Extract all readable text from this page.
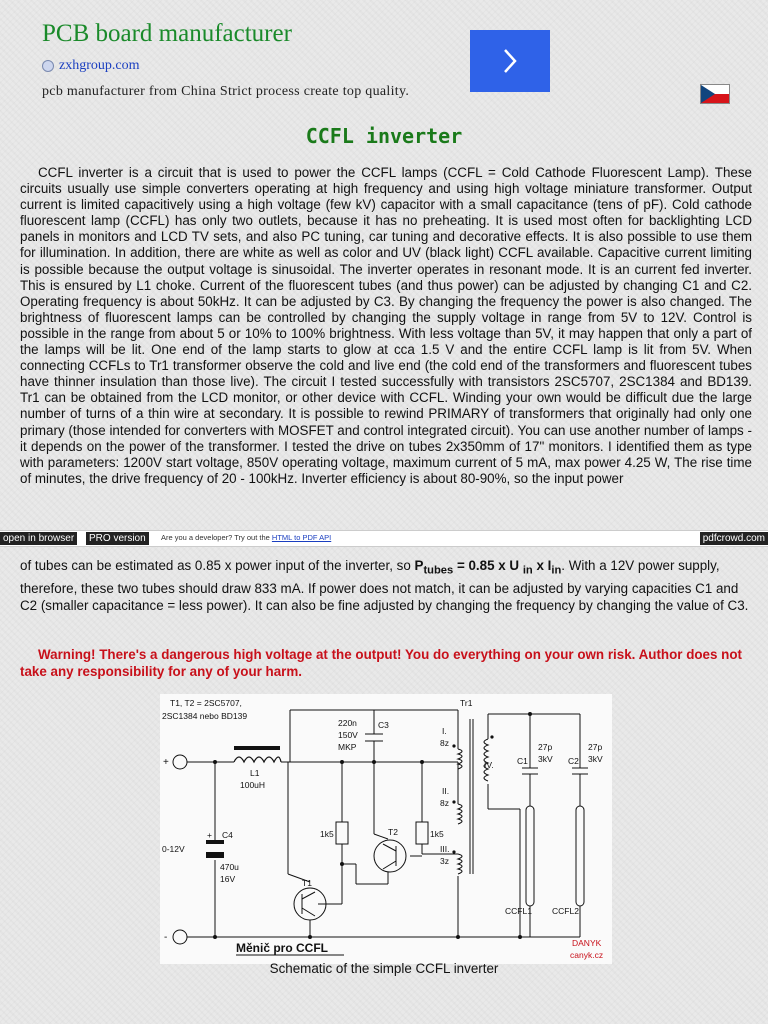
PCB board manufacturer
zxhgroup.com
pcb manufacturer from China Strict process create top quality.
CCFL inverter
CCFL inverter is a circuit that is used to power the CCFL lamps (CCFL = Cold Cathode Fluorescent Lamp). These circuits usually use simple converters operating at high frequency and using high voltage miniature transformer. Output current is limited capacitively using a high voltage (few kV) capacitor with a small capacitance (tens of pF). Cold cathode fluorescent lamp (CCFL) has only two outlets, because it has no preheating. It is used most often for backlighting LCD panels in monitors and LCD TV sets, and also PC tuning, car tuning and decorative effects. It is also possible to use them for illumination. In addition, there are white as well as color and UV (black light) CCFL available. Capacitive current limiting is possible because the output voltage is sinusoidal. The inverter operates in resonant mode. It is an current fed inverter. This is ensured by L1 choke. Current of the fluorescent tubes (and thus power) can be adjusted by changing C1 and C2. Operating frequency is about 50kHz. It can be adjusted by C3. By changing the frequency the power is also changed. The brightness of fluorescent lamps can be controlled by changing the supply voltage in range from 5V to 12V. Control is possible in the range from about 5 or 10% to 100% brightness. With less voltage than 5V, it may happen that only a part of the lamps will be lit. One end of the lamp starts to glow at cca 1.5 V and the entire CCFL lamp is lit from 5V. When connecting CCFLs to Tr1 transformer observe the cold and live end (the cold end of the transformers and fluorescent tubes have thinner insulation than those live). The circuit I tested successfully with transistors 2SC5707, 2SC1384 and BD139. Tr1 can be obtained from the LCD monitor, or other device with CCFL. Winding your own would be difficult due the large number of turns of a thin wire at secondary. It is possible to rewind PRIMARY of transformers that originally had only one primary (those intended for converters with MOSFET and control integrated circuit). You can use another number of lamps - it depends on the power of the transformer. I tested the drive on tubes 2x350mm of 17" monitors. I identified them as type with parameters: 1200V start voltage, 850V operating voltage, maximum current of 5 mA, max power 4.25 W, The rise time of minutes, the drive frequency of 20 - 100kHz. Inverter efficiency is about 80-90%, so the input power
open in browser	PRO version	Are you a developer? Try out the HTML to PDF API	pdfcrowd.com
of tubes can be estimated as 0.85 x power input of the inverter, so $P_{tubes} = 0.85$ x U $_{in}$ x $I_{in}$. With a 12V power supply, therefore, these two tubes should draw 833 mA. If power does not match, it can be adjusted by varying capacities C1 and C2 (smaller capacitance = less power). It can also be fine adjusted by changing the frequency by changing the value of C3.
Warning! There's a dangerous high voltage at the output! You do everything on your own risk. Author does not take any responsibility for any of your harm.
T1, T2 = 2SC5707,
2SC1384 nebo BD139
220n
150V
MKP
C3
Tr1
I.
8z
II.
8z
III.
3z
IV.	C1
27p
3kV C2
27p
3kV
L1
100uH
+
-
0-12V
+ C4
470u
16V
1k5	1k5
T1
T2
CCFL1 CCFL2
Měnič pro CCFL	DANYK
canyk.cz
Schematic of the simple CCFL inverter
